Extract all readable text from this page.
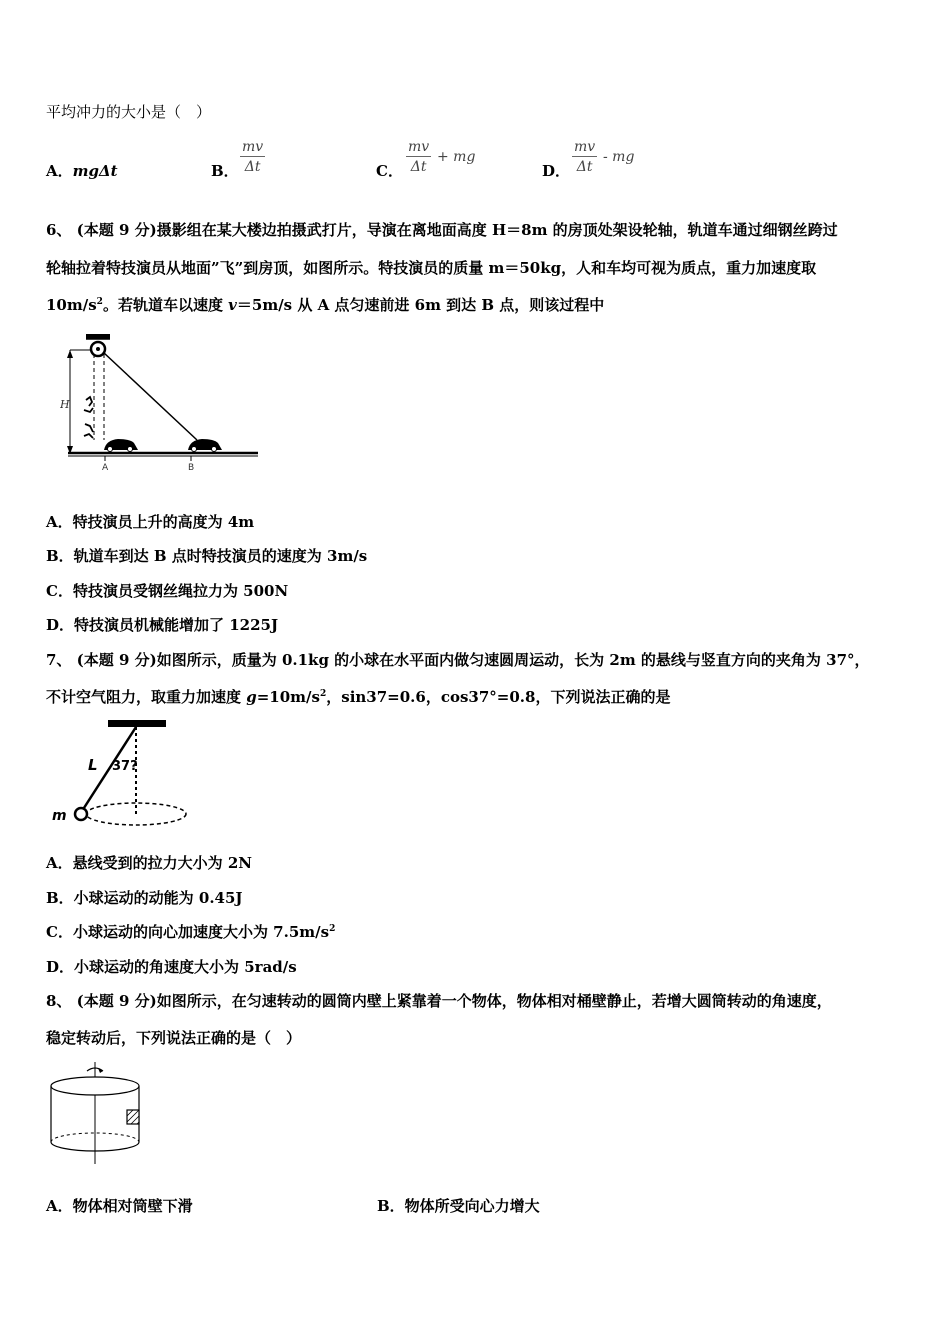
平均冲力的大小是（　）
A．mgΔt	B． $\frac{mv}{\Delta t}$	C． $\frac{mv}{\Delta t}$ + mg
D． $\frac{mv}{\Delta t}$ - mg
6、 (本题 9 分)摄影组在某大楼边拍摄武打片，导演在离地面高度 H＝8m 的房顶处架设轮轴，轨道车通过细钢丝跨过
轮轴拉着特技演员从地面”飞”到房顶，如图所示。特技演员的质量 m＝50kg，人和车均可视为质点，重力加速度取
$10m/s^2$。若轨道车以速度 v＝5m/s 从 A 点匀速前进 6m 到达 B 点，则该过程中
H
A	B
A．特技演员上升的高度为 4m
B．轨道车到达 B 点时特技演员的速度为 3m/s
C．特技演员受钢丝绳拉力为 500N
D．特技演员机械能增加了 1225J
7、 (本题 9 分)如图所示，质量为 0.1kg 的小球在水平面内做匀速圆周运动，长为 2m 的悬线与竖直方向的夹角为 37°，
不计空气阻力，取重力加速度 $g=10m/s^2$，sin37=0.6，cos37°=0.8，下列说法正确的是
L 37?
m
A．悬线受到的拉力大小为 2N
B．小球运动的动能为 0.45J
C．小球运动的向心加速度大小为 $7.5m/s^2$
D．小球运动的角速度大小为 5rad/s
8、 (本题 9 分)如图所示，在匀速转动的圆筒内壁上紧靠着一个物体，物体相对桶壁静止，若增大圆筒转动的角速度，
稳定转动后，下列说法正确的是（　）
A．物体相对筒壁下滑	B．物体所受向心力增大
